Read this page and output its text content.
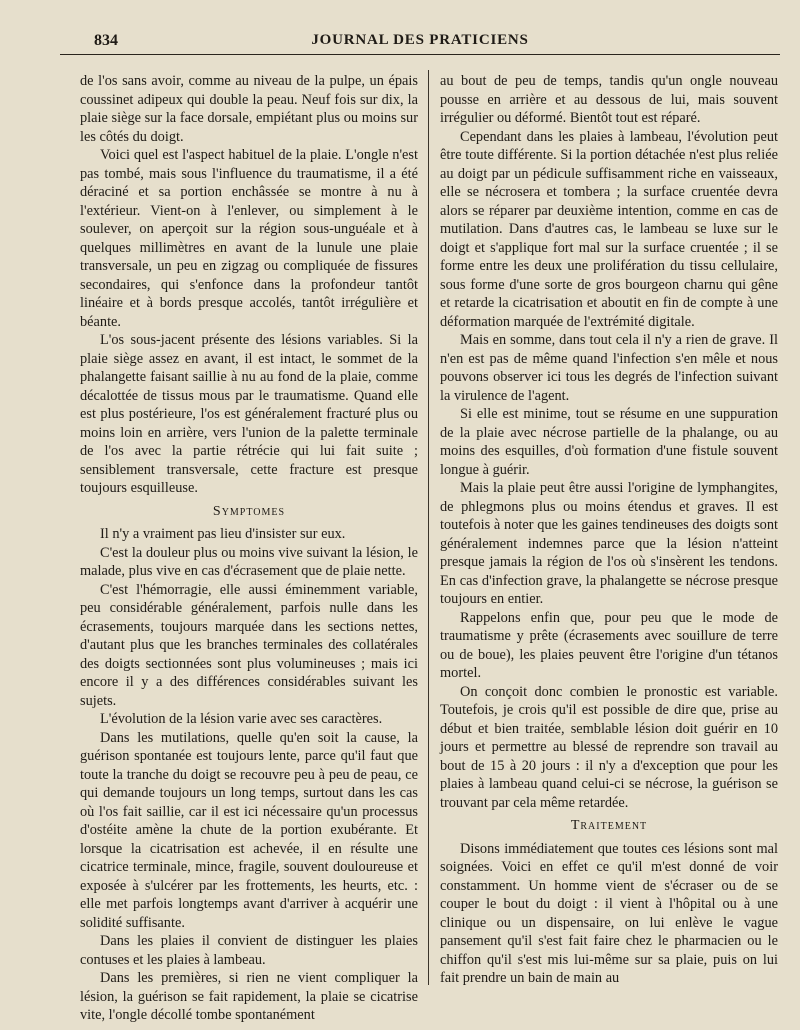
834	JOURNAL DES PRATICIENS

de l'os sans avoir, comme au niveau de la pulpe, un épais coussinet adipeux qui double la peau. Neuf fois sur dix, la plaie siège sur la face dorsale, empiétant plus ou moins sur les côtés du doigt.

Voici quel est l'aspect habituel de la plaie. L'ongle n'est pas tombé, mais sous l'influence du traumatisme, il a été déraciné et sa portion enchâssée se montre à nu à l'extérieur. Vient-on à l'enlever, ou simplement à le soulever, on aperçoit sur la région sous-unguéale et à quelques millimètres en avant de la lunule une plaie transversale, un peu en zigzag ou compliquée de fissures secondaires, qui s'enfonce dans la profondeur tantôt linéaire et à bords presque accolés, tantôt irrégulière et béante.

L'os sous-jacent présente des lésions variables. Si la plaie siège assez en avant, il est intact, le sommet de la phalangette faisant saillie à nu au fond de la plaie, comme décalottée de tissus mous par le traumatisme. Quand elle est plus postérieure, l'os est généralement fracturé plus ou moins loin en arrière, vers l'union de la palette terminale de l'os avec la partie rétrécie qui lui fait suite ; sensiblement transversale, cette fracture est presque toujours esquilleuse.

Symptomes

Il n'y a vraiment pas lieu d'insister sur eux.

C'est la douleur plus ou moins vive suivant la lésion, le malade, plus vive en cas d'écrasement que de plaie nette.

C'est l'hémorragie, elle aussi éminemment variable, peu considérable généralement, parfois nulle dans les écrasements, toujours marquée dans les sections nettes, d'autant plus que les branches terminales des collatérales des doigts sectionnées sont plus volumineuses ; mais ici encore il y a des différences considérables suivant les sujets.

L'évolution de la lésion varie avec ses caractères.

Dans les mutilations, quelle qu'en soit la cause, la guérison spontanée est toujours lente, parce qu'il faut que toute la tranche du doigt se recouvre peu à peu de peau, ce qui demande toujours un long temps, surtout dans les cas où l'os fait saillie, car il est ici nécessaire qu'un processus d'ostéite amène la chute de la portion exubérante. Et lorsque la cicatrisation est achevée, il en résulte une cicatrice terminale, mince, fragile, souvent douloureuse et exposée à s'ulcérer par les frottements, les heurts, etc. : elle met parfois longtemps avant d'arriver à acquérir une solidité suffisante.

Dans les plaies il convient de distinguer les plaies contuses et les plaies à lambeau.

Dans les premières, si rien ne vient compliquer la lésion, la guérison se fait rapidement, la plaie se cicatrise vite, l'ongle décollé tombe spontanément

au bout de peu de temps, tandis qu'un ongle nouveau pousse en arrière et au dessous de lui, mais souvent irrégulier ou déformé. Bientôt tout est réparé.

Cependant dans les plaies à lambeau, l'évolution peut être toute différente. Si la portion détachée n'est plus reliée au doigt par un pédicule suffisamment riche en vaisseaux, elle se nécrosera et tombera ; la surface cruentée devra alors se réparer par deuxième intention, comme en cas de mutilation. Dans d'autres cas, le lambeau se luxe sur le doigt et s'applique fort mal sur la surface cruentée ; il se forme entre les deux une prolifération du tissu cellulaire, sous forme d'une sorte de gros bourgeon charnu qui gêne et retarde la cicatrisation et aboutit en fin de compte à une déformation marquée de l'extrémité digitale.

Mais en somme, dans tout cela il n'y a rien de grave. Il n'en est pas de même quand l'infection s'en mêle et nous pouvons observer ici tous les degrés de l'infection suivant la virulence de l'agent.

Si elle est minime, tout se résume en une suppuration de la plaie avec nécrose partielle de la phalange, ou au moins des esquilles, d'où formation d'une fistule souvent longue à guérir.

Mais la plaie peut être aussi l'origine de lymphangites, de phlegmons plus ou moins étendus et graves. Il est toutefois à noter que les gaines tendineuses des doigts sont généralement indemnes parce que la lésion n'atteint presque jamais la région de l'os où s'insèrent les tendons. En cas d'infection grave, la phalangette se nécrose presque toujours en entier.

Rappelons enfin que, pour peu que le mode de traumatisme y prête (écrasements avec souillure de terre ou de boue), les plaies peuvent être l'origine d'un tétanos mortel.

On conçoit donc combien le pronostic est variable. Toutefois, je crois qu'il est possible de dire que, prise au début et bien traitée, semblable lésion doit guérir en 10 jours et permettre au blessé de reprendre son travail au bout de 15 à 20 jours : il n'y a d'exception que pour les plaies à lambeau quand celui-ci se nécrose, la guérison se trouvant par cela même retardée.

Traitement

Disons immédiatement que toutes ces lésions sont mal soignées. Voici en effet ce qu'il m'est donné de voir constamment. Un homme vient de s'écraser ou de se couper le bout du doigt : il vient à l'hôpital ou à une clinique ou un dispensaire, on lui enlève le vague pansement qu'il s'est fait faire chez le pharmacien ou le chiffon qu'il s'est mis lui-même sur sa plaie, puis on lui fait prendre un bain de main au
